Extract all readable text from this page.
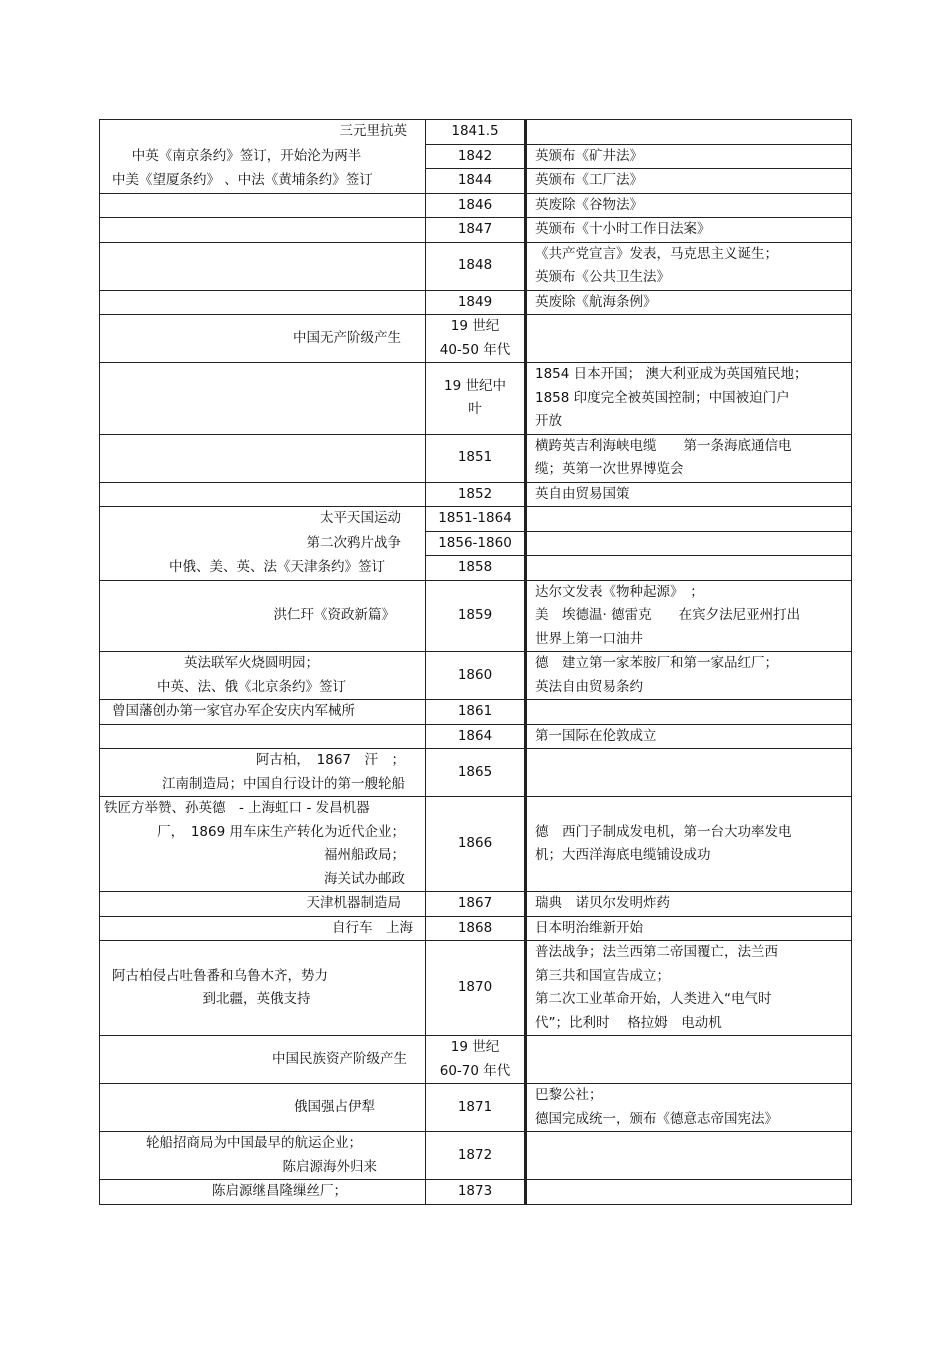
三元里抗英	1841.5	

中英《南京条约》签订，开始沦为两半	1842	英颁布《矿井法》

中美《望厦条约》 、中法《黄埔条约》签订	1844	英颁布《工厂法》

	1846	英废除《谷物法》

	1847	英颁布《十小时工作日法案》

	1848	《共产党宣言》发表，马克思主义诞生；
英颁布《公共卫生法》

	1849	英废除《航海条例》

中国无产阶级产生	19 世纪
40-50 年代	

	19 世纪中
叶	1854 日本开国； 澳大利亚成为英国殖民地；
1858 印度完全被英国控制；中国被迫门户
开放

	1851	横跨英吉利海峡电缆　　第一条海底通信电
缆；英第一次世界博览会

	1852	英自由贸易国策

太平天国运动	1851-1864	

第二次鸦片战争	1856-1860	

中俄、美、英、法《天津条约》签订	1858	

洪仁玕《资政新篇》	1859	达尔文发表《物种起源》　；
美　埃德温· 德雷克　　在宾夕法尼亚州打出
世界上第一口油井

英法联军火烧圆明园；
中英、法、俄《北京条约》签订	1860	德　建立第一家苯胺厂和第一家品红厂；
英法自由贸易条约

曾国藩创办第一家官办军企安庆内军械所	1861	

	1864	第一国际在伦敦成立

阿古柏，　1867　汗　；
江南制造局；中国自行设计的第一艘轮船	1865	

铁匠方举赞、孙英德　- 上海虹口 - 发昌机器
厂，　1869 用车床生产转化为近代企业；
福州船政局；
海关试办邮政	1866	德　西门子制成发电机，第一台大功率发电
机；大西洋海底电缆铺设成功

天津机器制造局	1867	瑞典　诺贝尔发明炸药

自行车　上海	1868	日本明治维新开始

阿古柏侵占吐鲁番和乌鲁木齐，势力
到北疆，英俄支持	1870	普法战争；法兰西第二帝国覆亡，法兰西
第三共和国宣告成立；
第二次工业革命开始，人类进入“电气时
代”；比利时　 格拉姆　电动机

中国民族资产阶级产生	19 世纪
60-70 年代	

俄国强占伊犁	1871	巴黎公社；
德国完成统一，颁布《德意志帝国宪法》

轮船招商局为中国最早的航运企业；
陈启源海外归来	1872	

陈启源继昌隆缫丝厂；	1873	
